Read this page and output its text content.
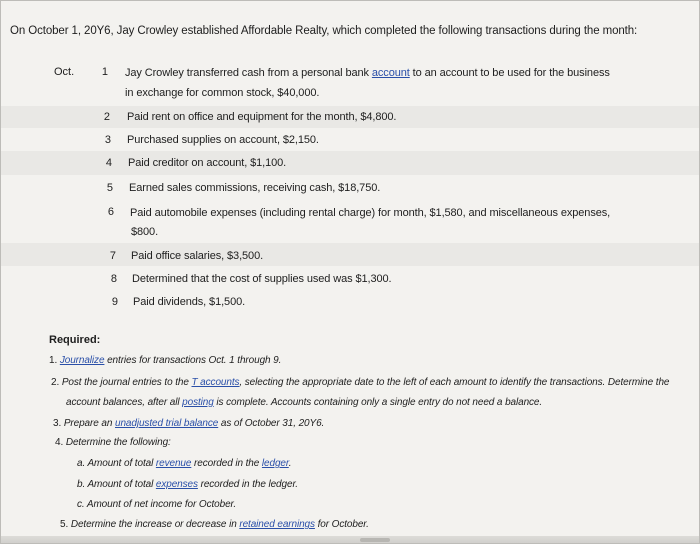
On October 1, 20Y6, Jay Crowley established Affordable Realty, which completed the following transactions during the month:
Oct.	1 Jay Crowley transferred cash from a personal bank account to an account to be used for the business
in exchange for common stock, $40,000.
2 Paid rent on office and equipment for the month, $4,800.
3 Purchased supplies on account, $2,150.
4 Paid creditor on account, $1,100.
5 Earned sales commissions, receiving cash, $18,750.
6 Paid automobile expenses (including rental charge) for month, $1,580, and miscellaneous expenses,
$800.
7 Paid office salaries, $3,500.
8 Determined that the cost of supplies used was $1,300.
9 Paid dividends, $1,500.
Required:
1. Journalize entries for transactions Oct. 1 through 9.
2. Post the journal entries to the T accounts, selecting the appropriate date to the left of each amount to identify the transactions. Determine the
account balances, after all posting is complete. Accounts containing only a single entry do not need a balance.
3. Prepare an unadjusted trial balance as of October 31, 20Y6.
4. Determine the following:
a. Amount of total revenue recorded in the ledger.
b. Amount of total expenses recorded in the ledger.
c. Amount of net income for October.
5. Determine the increase or decrease in retained earnings for October.
